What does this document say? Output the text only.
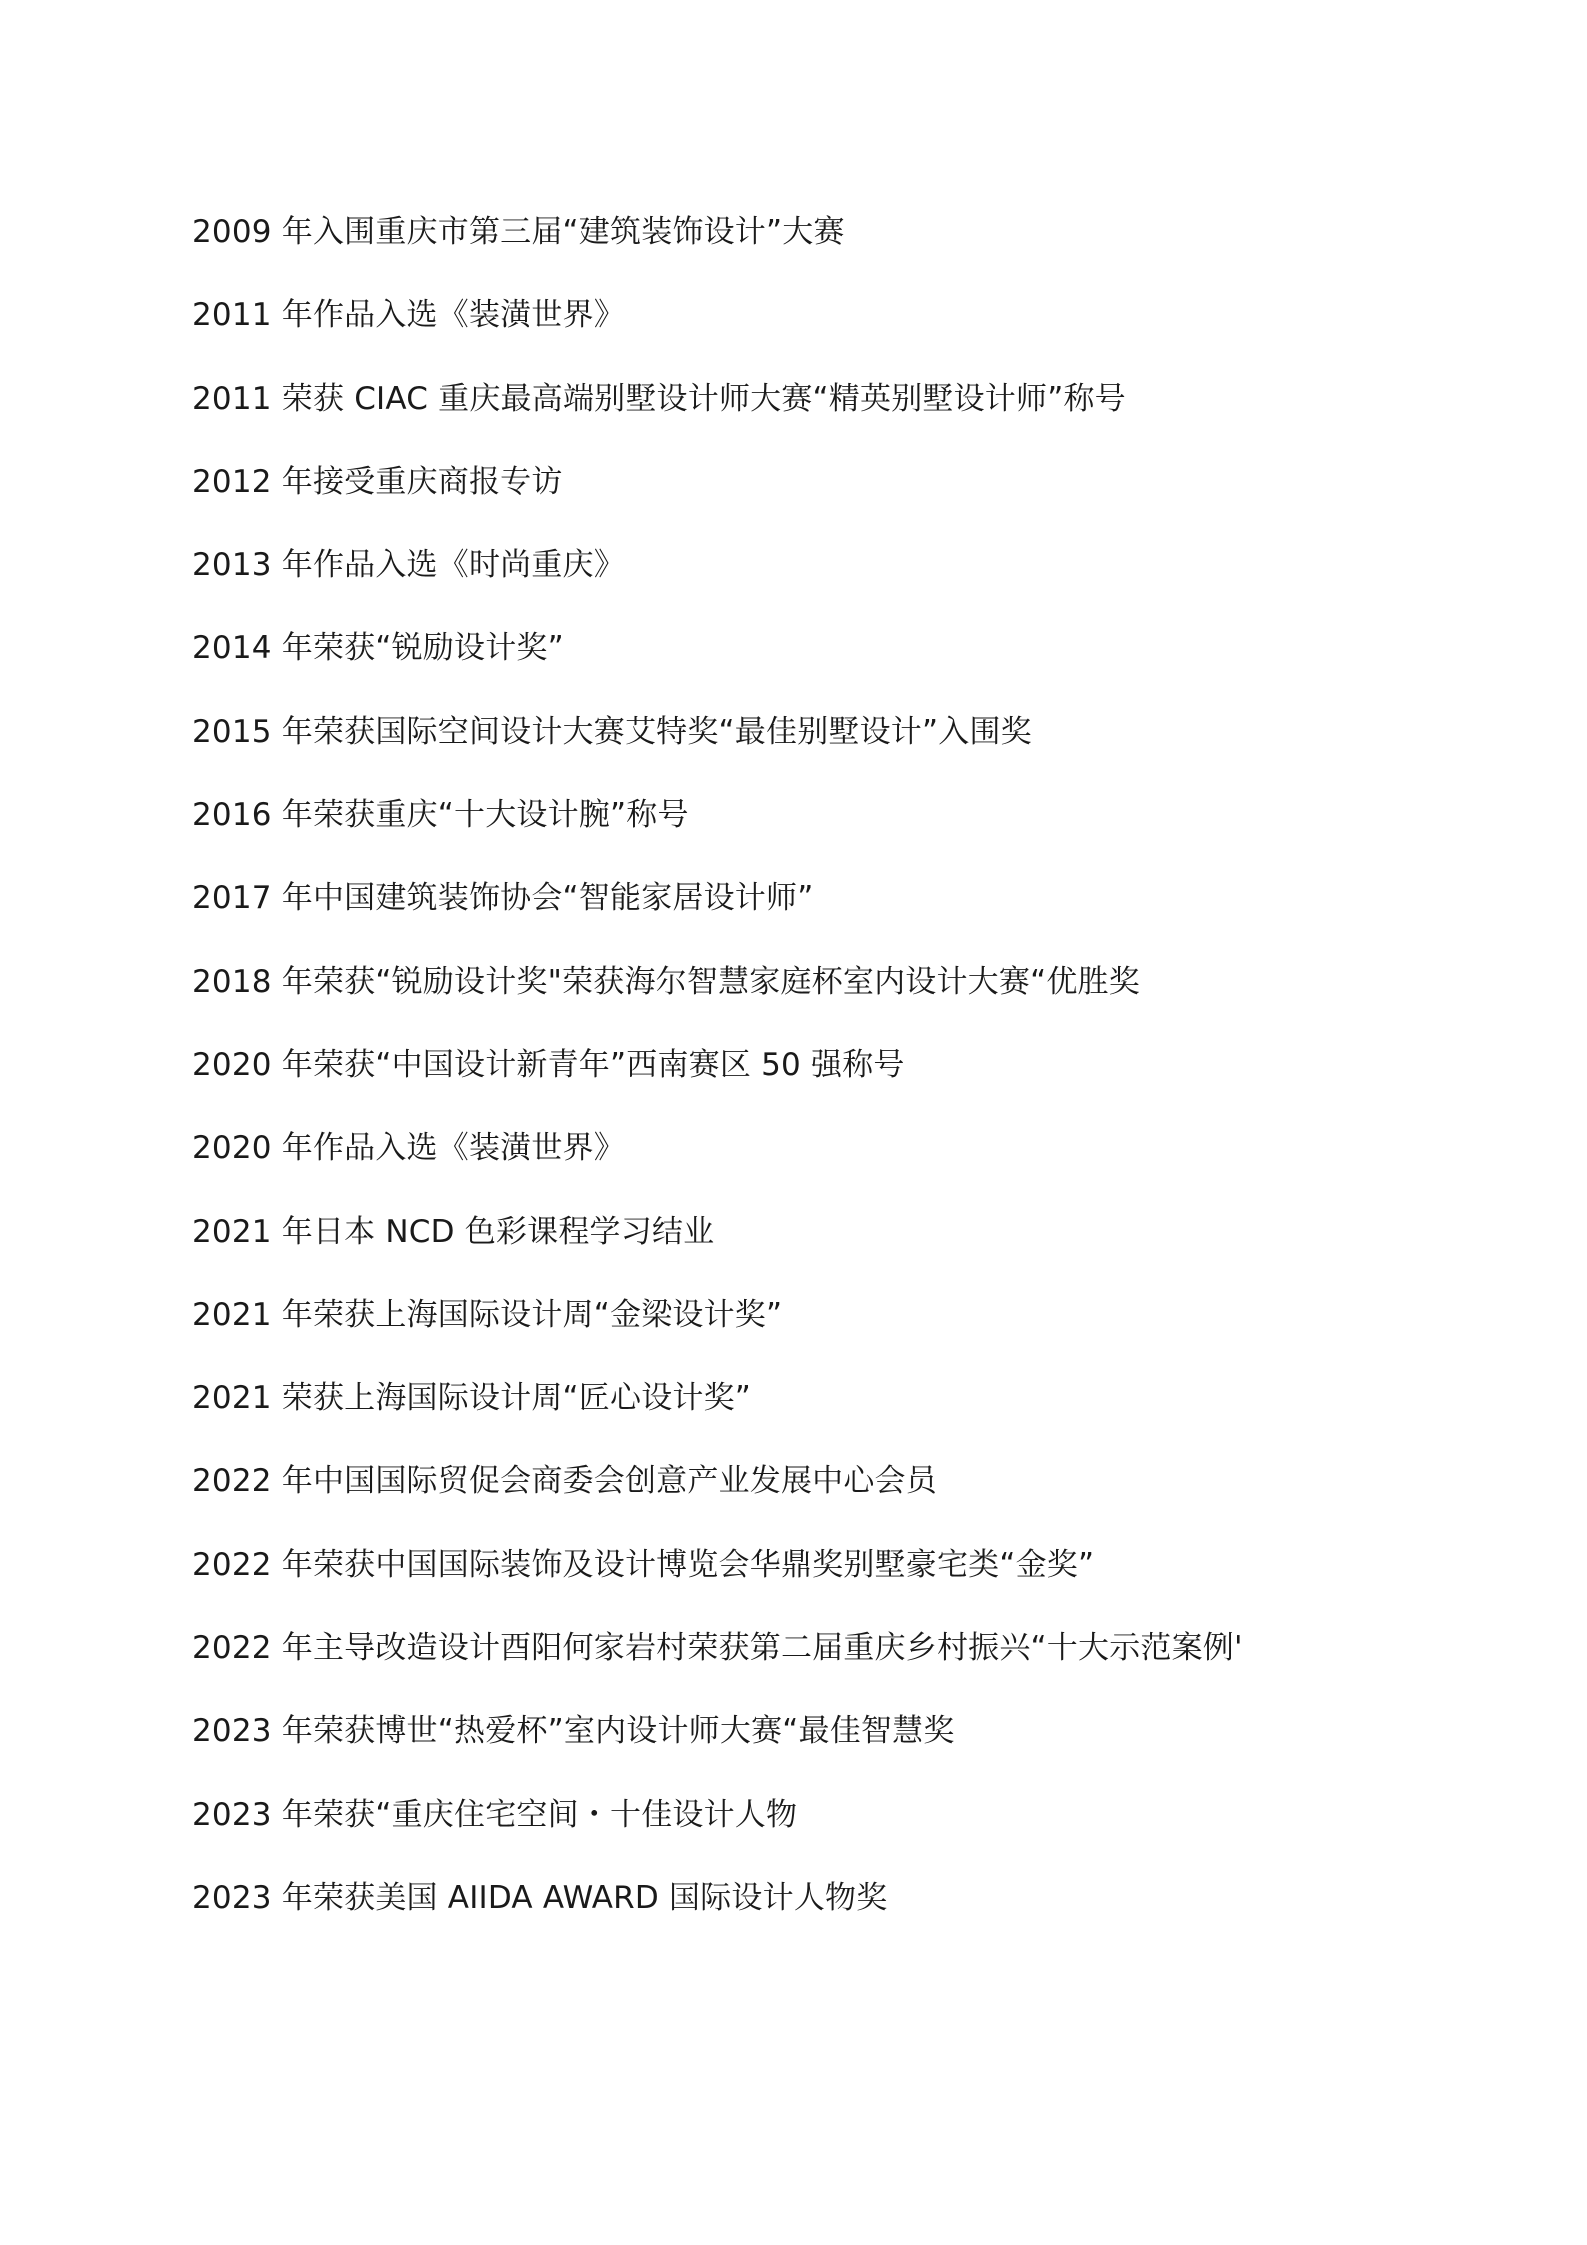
2009 年入围重庆市第三届“建筑装饰设计”大赛
2011 年作品入选《装潢世界》
2011 荣获 CIAC 重庆最高端别墅设计师大赛“精英别墅设计师”称号
2012 年接受重庆商报专访
2013 年作品入选《时尚重庆》
2014 年荣获“锐励设计奖”
2015 年荣获国际空间设计大赛艾特奖“最佳别墅设计”入围奖
2016 年荣获重庆“十大设计腕”称号
2017 年中国建筑装饰协会“智能家居设计师”
2018 年荣获“锐励设计奖"荣获海尔智慧家庭杯室内设计大赛“优胜奖
2020 年荣获“中国设计新青年”西南赛区 50 强称号
2020 年作品入选《装潢世界》
2021 年日本 NCD 色彩课程学习结业
2021 年荣获上海国际设计周“金梁设计奖”
2021 荣获上海国际设计周“匠心设计奖”
2022 年中国国际贸促会商委会创意产业发展中心会员
2022 年荣获中国国际装饰及设计博览会华鼎奖别墅豪宅类“金奖”
2022 年主导改造设计酉阳何家岩村荣获第二届重庆乡村振兴“十大示范案例'
2023 年荣获博世“热爱杯”室内设计师大赛“最佳智慧奖
2023 年荣获“重庆住宅空间・十佳设计人物
2023 年荣获美国 AIIDA AWARD 国际设计人物奖
